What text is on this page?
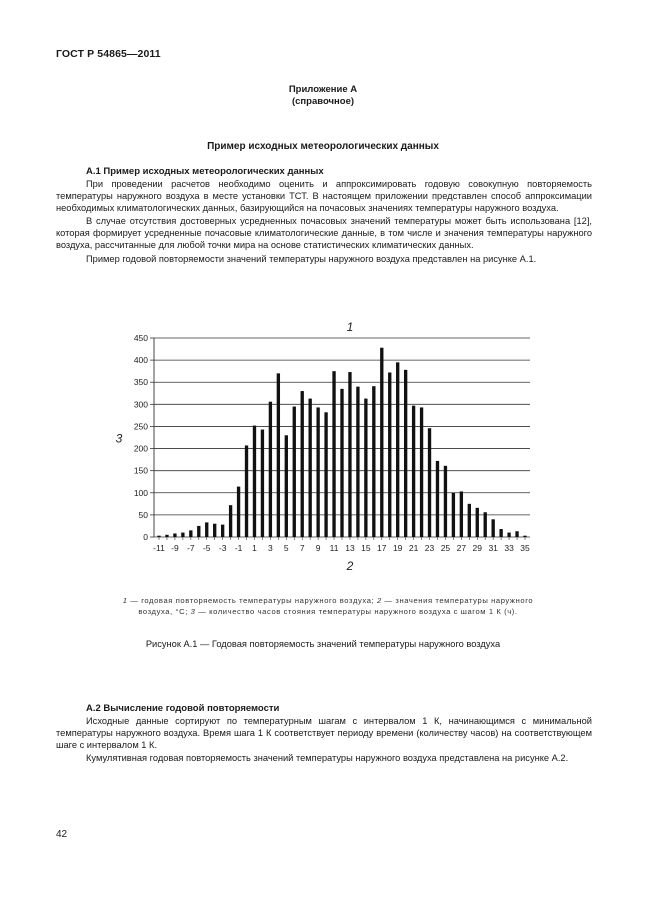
ГОСТ Р 54865—2011
Приложение А
(справочное)
Пример исходных метеорологических данных
А.1 Пример исходных метеорологических данных

При проведении расчетов необходимо оценить и аппроксимировать годовую совокупную повторяемость температуры наружного воздуха в месте установки ТСТ. В настоящем приложении представлен способ аппроксимации необходимых климатологических данных, базирующийся на почасовых значениях температуры наружного воздуха.

В случае отсутствия достоверных усредненных почасовых значений температуры может быть использована [12], которая формирует усредненные почасовые климатологические данные, в том числе и значения температуры наружного воздуха, рассчитанные для любой точки мира на основе статистических климатических данных.

Пример годовой повторяемости значений температуры наружного воздуха представлен на рисунке А.1.

0
50
100
150
200
250
300
350
400
450
-11 -9 -7 -5 -3 -1 1 3 5 7 9 11 13 15 17 19 21 23 25 27 29 31 33 35
1
2
3
1 — годовая повторяемость температуры наружного воздуха; 2 — значения температуры наружного воздуха, °С; 3 — количество часов стояния температуры наружного воздуха с шагом 1 К (ч).
Рисунок А.1 — Годовая повторяемость значений температуры наружного воздуха
А.2 Вычисление годовой повторяемости

Исходные данные сортируют по температурным шагам с интервалом 1 К, начинающимся с минимальной температуры наружного воздуха. Время шага 1 К соответствует периоду времени (количеству часов) на соответствующем шаге с интервалом 1 К.

Кумулятивная годовая повторяемость значений температуры наружного воздуха представлена на рисунке А.2.

42
